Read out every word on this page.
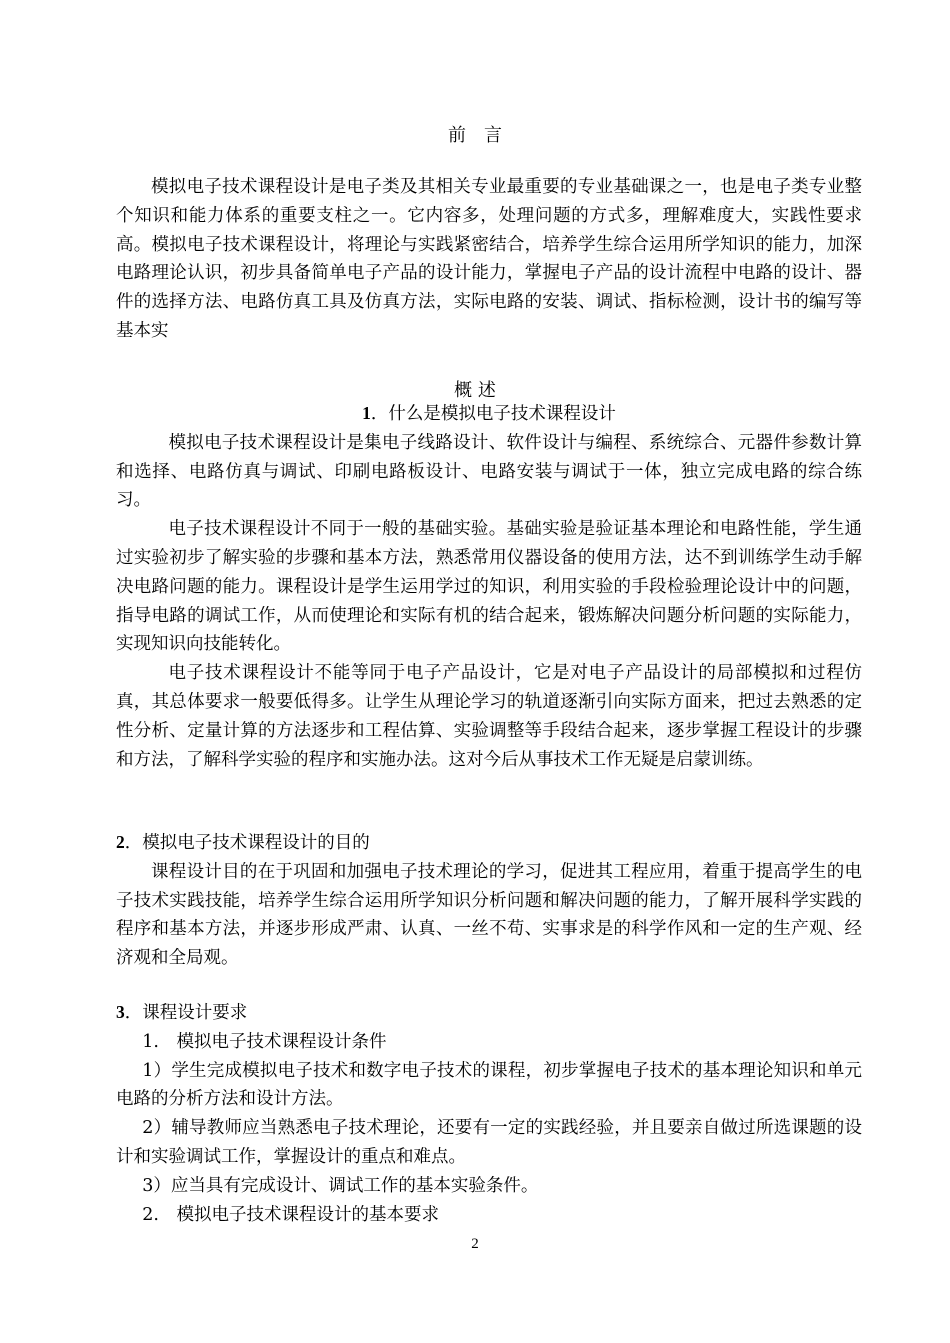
前　言

模拟电子技术课程设计是电子类及其相关专业最重要的专业基础课之一，也是电子类专业整个知识和能力体系的重要支柱之一。它内容多，处理问题的方式多，理解难度大，实践性要求高。模拟电子技术课程设计，将理论与实践紧密结合，培养学生综合运用所学知识的能力，加深电路理论认识，初步具备简单电子产品的设计能力，掌握电子产品的设计流程中电路的设计、器件的选择方法、电路仿真工具及仿真方法，实际电路的安装、调试、指标检测，设计书的编写等基本实

概 述

1．什么是模拟电子技术课程设计

模拟电子技术课程设计是集电子线路设计、软件设计与编程、系统综合、元器件参数计算和选择、电路仿真与调试、印刷电路板设计、电路安装与调试于一体，独立完成电路的综合练习。

电子技术课程设计不同于一般的基础实验。基础实验是验证基本理论和电路性能，学生通过实验初步了解实验的步骤和基本方法，熟悉常用仪器设备的使用方法，达不到训练学生动手解决电路问题的能力。课程设计是学生运用学过的知识，利用实验的手段检验理论设计中的问题，指导电路的调试工作，从而使理论和实际有机的结合起来，锻炼解决问题分析问题的实际能力，实现知识向技能转化。

电子技术课程设计不能等同于电子产品设计，它是对电子产品设计的局部模拟和过程仿真，其总体要求一般要低得多。让学生从理论学习的轨道逐渐引向实际方面来，把过去熟悉的定性分析、定量计算的方法逐步和工程估算、实验调整等手段结合起来，逐步掌握工程设计的步骤和方法，了解科学实验的程序和实施办法。这对今后从事技术工作无疑是启蒙训练。

2．模拟电子技术课程设计的目的

课程设计目的在于巩固和加强电子技术理论的学习，促进其工程应用，着重于提高学生的电子技术实践技能，培养学生综合运用所学知识分析问题和解决问题的能力，了解开展科学实践的程序和基本方法，并逐步形成严肃、认真、一丝不苟、实事求是的科学作风和一定的生产观、经济观和全局观。

3．课程设计要求

1.　模拟电子技术课程设计条件

1）学生完成模拟电子技术和数字电子技术的课程，初步掌握电子技术的基本理论知识和单元电路的分析方法和设计方法。

2）辅导教师应当熟悉电子技术理论，还要有一定的实践经验，并且要亲自做过所选课题的设计和实验调试工作，掌握设计的重点和难点。

3）应当具有完成设计、调试工作的基本实验条件。

2.　模拟电子技术课程设计的基本要求

2
